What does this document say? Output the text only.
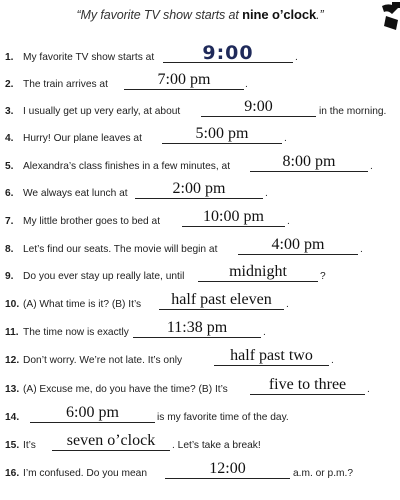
“My favorite TV show starts at nine o’clock.”
1. My favorite TV show starts at	9:00	.
2. The train arrives at	7:00 pm	.
3. I usually get up very early, at about	9:00	in the morning.
4. Hurry! Our plane leaves at	5:00 pm	.
5. Alexandra’s class finishes in a few minutes, at	8:00 pm	.
6. We always eat lunch at	2:00 pm	.
7. My little brother goes to bed at	10:00 pm	.
8. Let’s find our seats. The movie will begin at	4:00 pm	.
9. Do you ever stay up really late, until	midnight	?
10. (A) What time is it? (B) It’s	half past eleven	.
11. The time now is exactly	11:38 pm	.
12. Don’t worry. We’re not late. It’s only	half past two	.
13. (A) Excuse me, do you have the time? (B) It’s	five to three	.
14.	6:00 pm	is my favorite time of the day.
15. It’s	seven o’clock	. Let’s take a break!
16. I’m confused. Do you mean	12:00	a.m. or p.m.?
